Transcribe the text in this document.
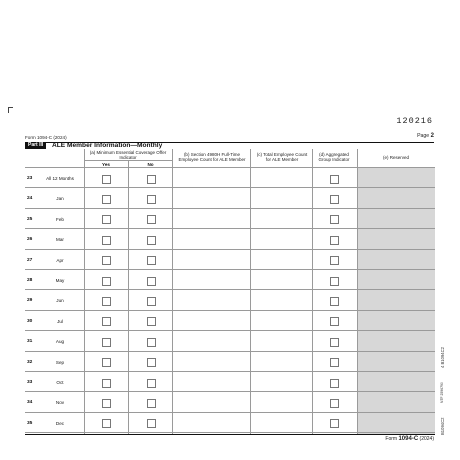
120216
Form 1094-C (2024)	Page 2
Part III	ALE Member Information—Monthly
(a) Minimum Essential Coverage Offer Indicator
Yes	No
(b) Section 4980H Full-Time Employee Count for ALE Member
(c) Total Employee Count for ALE Member
(d) Aggregated Group Indicator	(e) Reserved
23	All 12 Months
24	Jan
25	Feb
26	Mar
27	Apr
28	May
29	Jun
30	Jul
31	Aug
32	Sep
33	Oct
34	Nov
35	Dec
Form 1094-C (2024)
4 B1094C2
NTF 2596790
B1094C2
